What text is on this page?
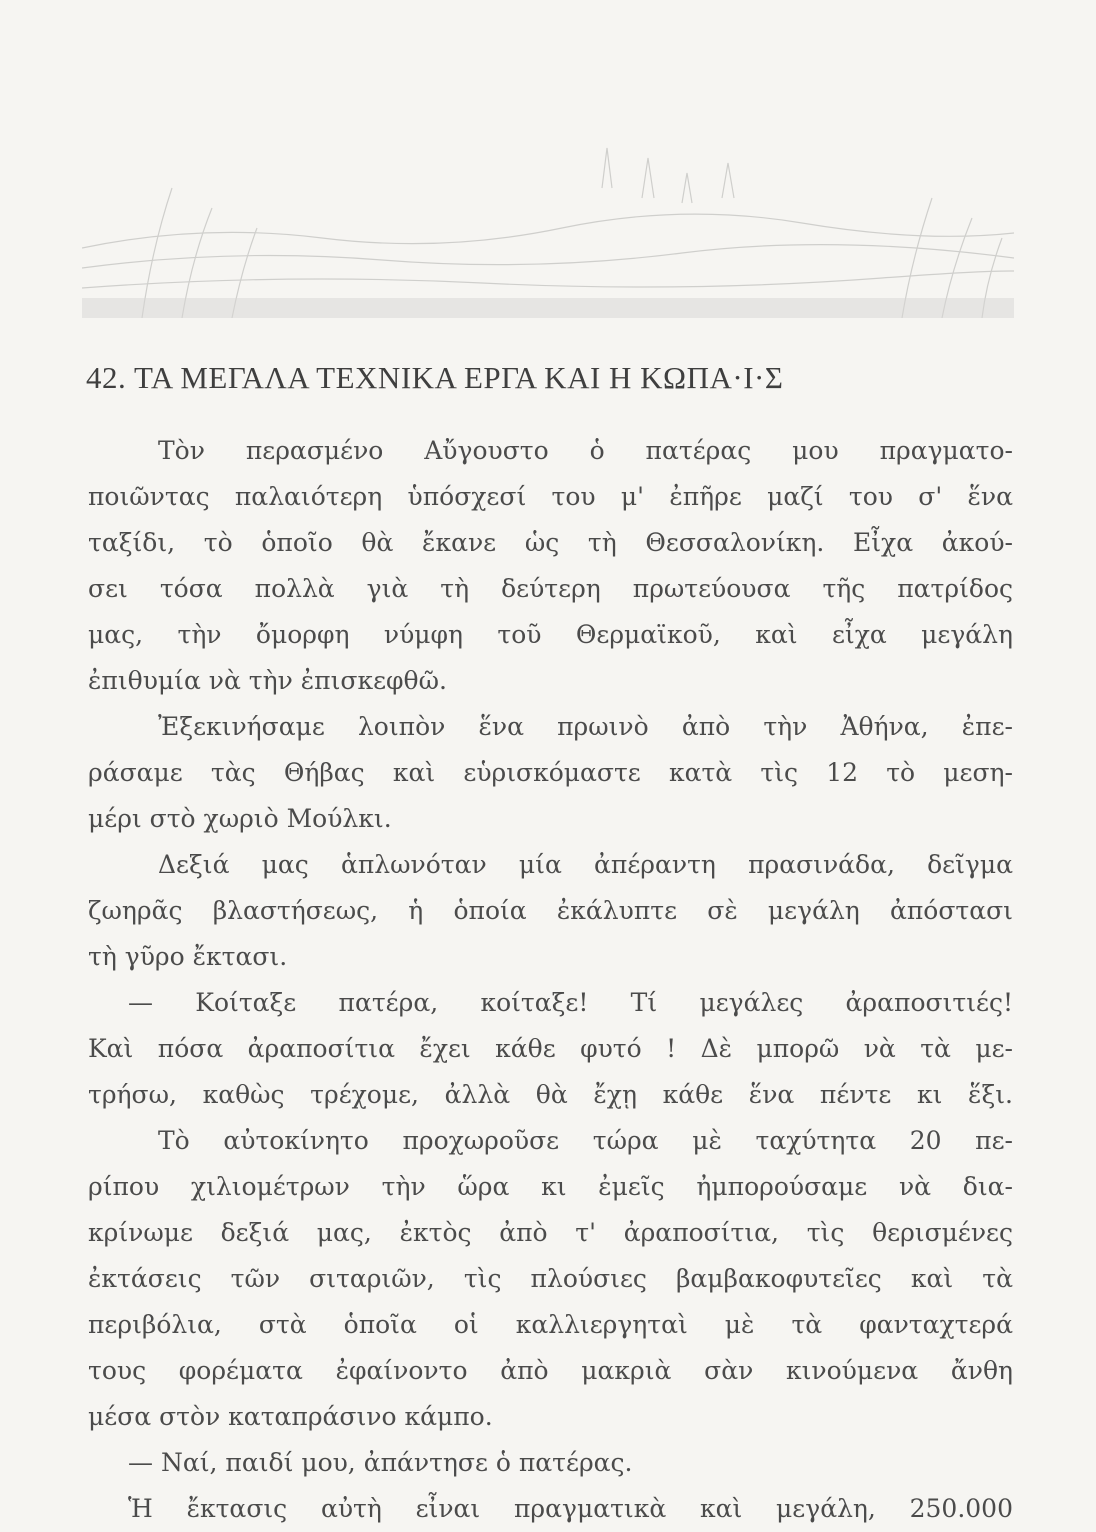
42. ΤΑ ΜΕΓΑΛΑ ΤΕΧΝΙΚΑ ΕΡΓΑ ΚΑΙ Η ΚΩΠΑ·Ι·Σ
Τὸν περασμένο Αὔγουστο ὁ πατέρας μου πραγματο-
ποιῶντας παλαιότερη ὑπόσχεσί του μ' ἐπῆρε μαζί του σ' ἕνα
ταξίδι, τὸ ὁποῖο θὰ ἔκανε ὡς τὴ Θεσσαλονίκη. Εἶχα ἀκού-
σει τόσα πολλὰ γιὰ τὴ δεύτερη πρωτεύουσα τῆς πατρίδος
μας, τὴν ὄμορφη νύμφη τοῦ Θερμαϊκοῦ, καὶ εἶχα μεγάλη
ἐπιθυμία νὰ τὴν ἐπισκεφθῶ.
Ἐξεκινήσαμε λοιπὸν ἕνα πρωινὸ ἀπὸ τὴν Ἀθήνα, ἐπε-
ράσαμε τὰς Θήβας καὶ εὑρισκόμαστε κατὰ τὶς 12 τὸ μεση-
μέρι στὸ χωριὸ Μούλκι.
Δεξιά μας ἁπλωνόταν μία ἀπέραντη πρασινάδα, δεῖγμα
ζωηρᾶς βλαστήσεως, ἡ ὁποία ἐκάλυπτε σὲ μεγάλη ἀπόστασι
τὴ γῦρο ἔκτασι.
— Κοίταξε πατέρα, κοίταξε! Τί μεγάλες ἀραποσιτιές!
Καὶ πόσα ἀραποσίτια ἔχει κάθε φυτό ! Δὲ μπορῶ νὰ τὰ με-
τρήσω, καθὼς τρέχομε, ἀλλὰ θὰ ἔχῃ κάθε ἕνα πέντε κι ἕξι.
Τὸ αὐτοκίνητο προχωροῦσε τώρα μὲ ταχύτητα 20 πε-
ρίπου χιλιομέτρων τὴν ὥρα κι ἐμεῖς ἠμπορούσαμε νὰ δια-
κρίνωμε δεξιά μας, ἐκτὸς ἀπὸ τ' ἀραποσίτια, τὶς θερισμένες
ἐκτάσεις τῶν σιταριῶν, τὶς πλούσιες βαμβακοφυτεῖες καὶ τὰ
περιβόλια, στὰ ὁποῖα οἱ καλλιεργηταὶ μὲ τὰ φανταχτερά
τους φορέματα ἐφαίνοντο ἀπὸ μακριὰ σὰν κινούμενα ἄνθη
μέσα στὸν καταπράσινο κάμπο.
— Ναί, παιδί μου, ἀπάντησε ὁ πατέρας.
Ἡ ἔκτασις αὐτὴ εἶναι πραγματικὰ καὶ μεγάλη, 250.000
